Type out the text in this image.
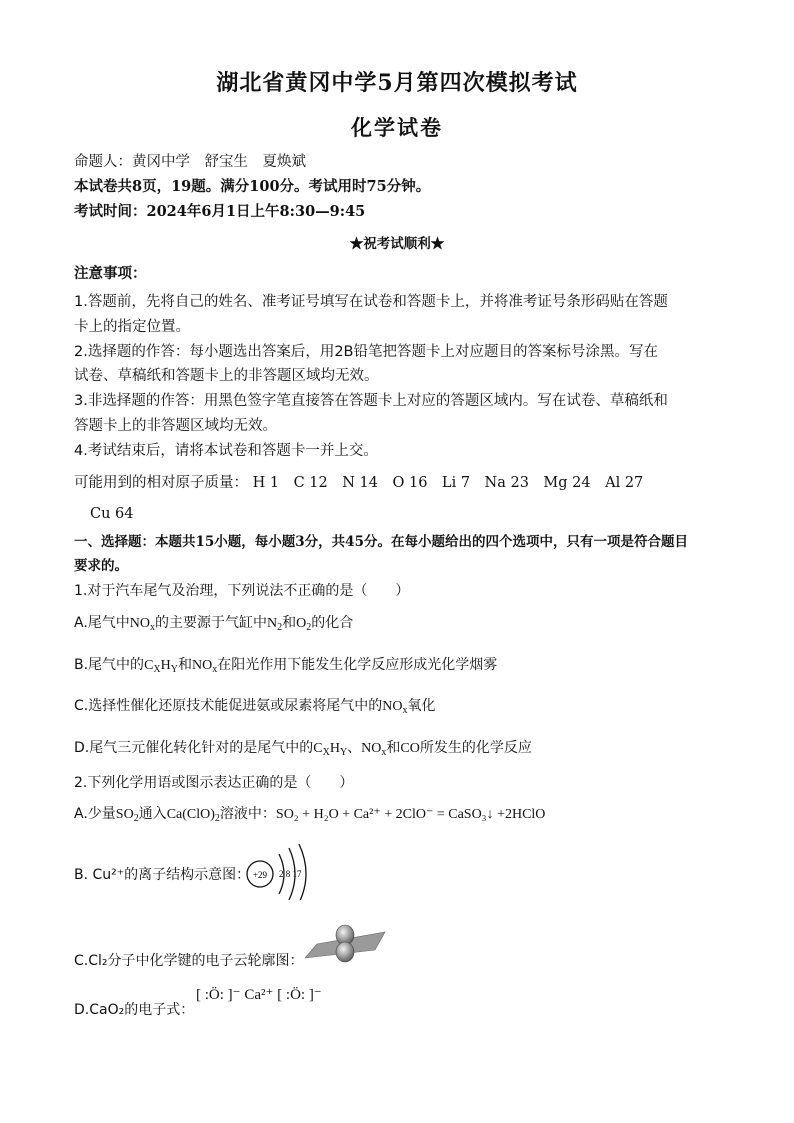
湖北省黄冈中学5月第四次模拟考试
化学试卷
命题人：黄冈中学　舒宝生　夏焕斌
本试卷共8页，19题。满分100分。考试用时75分钟。
考试时间：2024年6月1日上午8:30—9:45
★祝考试顺利★
注意事项：
1.答题前，先将自己的姓名、准考证号填写在试卷和答题卡上，并将准考证号条形码贴在答题
卡上的指定位置。
2.选择题的作答：每小题选出答案后，用2B铅笔把答题卡上对应题目的答案标号涂黑。写在
试卷、草稿纸和答题卡上的非答题区域均无效。
3.非选择题的作答：用黑色签字笔直接答在答题卡上对应的答题区域内。写在试卷、草稿纸和
答题卡上的非答题区域均无效。
4.考试结束后，请将本试卷和答题卡一并上交。
可能用到的相对原子质量： H 1　C 12　N 14　O 16　Li 7　Na 23　Mg 24　Al 27
Cu 64
一、选择题：本题共15小题，每小题3分，共45分。在每小题给出的四个选项中，只有一项是符合题目
要求的。
1.对于汽车尾气及治理，下列说法不正确的是（　　）
A.尾气中$NO_x$的主要源于气缸中$N_2$和$O_2$的化合
B.尾气中的$C_XH_Y$和$NO_x$在阳光作用下能发生化学反应形成光化学烟雾
C.选择性催化还原技术能促进氨或尿素将尾气中的$NO_x$氧化
D.尾气三元催化转化针对的是尾气中的$C_XH_Y$、$NO_x$和CO所发生的化学反应
2.下列化学用语或图示表达正确的是（　　）
A.少量$SO_2$通入$Ca(ClO)_2$溶液中：SO₂ + H₂O + Ca²⁺ + 2ClO⁻ = CaSO₃↓ +2HClO
B. Cu²⁺的离子结构示意图： +29 2 8 17
C.Cl₂分子中化学键的电子云轮廓图：
D.CaO₂的电子式：
[ :Ö: ]⁻ Ca²⁺ [ :Ö: ]⁻
